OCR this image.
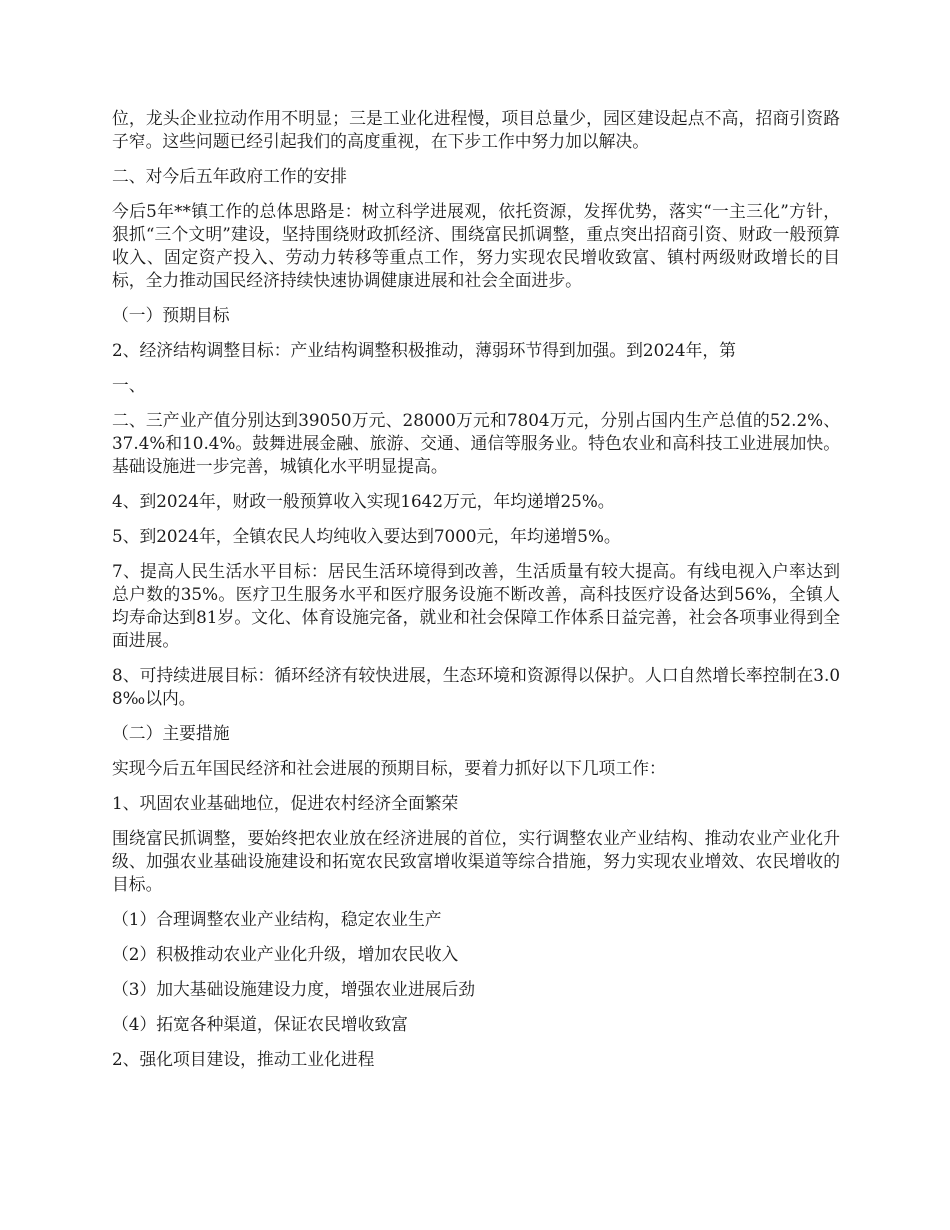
位，龙头企业拉动作用不明显；三是工业化进程慢，项目总量少，园区建设起点不高，招商引资路子窄。这些问题已经引起我们的高度重视，在下步工作中努力加以解决。

二、对今后五年政府工作的安排

今后5年**镇工作的总体思路是：树立科学进展观，依托资源，发挥优势，落实“一主三化”方针，狠抓“三个文明”建设，坚持围绕财政抓经济、围绕富民抓调整，重点突出招商引资、财政一般预算收入、固定资产投入、劳动力转移等重点工作，努力实现农民增收致富、镇村两级财政增长的目标，全力推动国民经济持续快速协调健康进展和社会全面进步。

（一）预期目标

2、经济结构调整目标：产业结构调整积极推动，薄弱环节得到加强。到2024年，第

一、

二、三产业产值分别达到39050万元、28000万元和7804万元，分别占国内生产总值的52.2%、37.4%和10.4%。鼓舞进展金融、旅游、交通、通信等服务业。特色农业和高科技工业进展加快。基础设施进一步完善，城镇化水平明显提高。

4、到2024年，财政一般预算收入实现1642万元，年均递增25%。

5、到2024年，全镇农民人均纯收入要达到7000元，年均递增5%。

7、提高人民生活水平目标：居民生活环境得到改善，生活质量有较大提高。有线电视入户率达到总户数的35%。医疗卫生服务水平和医疗服务设施不断改善，高科技医疗设备达到56%，全镇人均寿命达到81岁。文化、体育设施完备，就业和社会保障工作体系日益完善，社会各项事业得到全面进展。

8、可持续进展目标：循环经济有较快进展，生态环境和资源得以保护。人口自然增长率控制在3.08‰以内。

（二）主要措施

实现今后五年国民经济和社会进展的预期目标，要着力抓好以下几项工作：

1、巩固农业基础地位，促进农村经济全面繁荣

围绕富民抓调整，要始终把农业放在经济进展的首位，实行调整农业产业结构、推动农业产业化升级、加强农业基础设施建设和拓宽农民致富增收渠道等综合措施，努力实现农业增效、农民增收的目标。

（1）合理调整农业产业结构，稳定农业生产

（2）积极推动农业产业化升级，增加农民收入

（3）加大基础设施建设力度，增强农业进展后劲

（4）拓宽各种渠道，保证农民增收致富

2、强化项目建设，推动工业化进程
